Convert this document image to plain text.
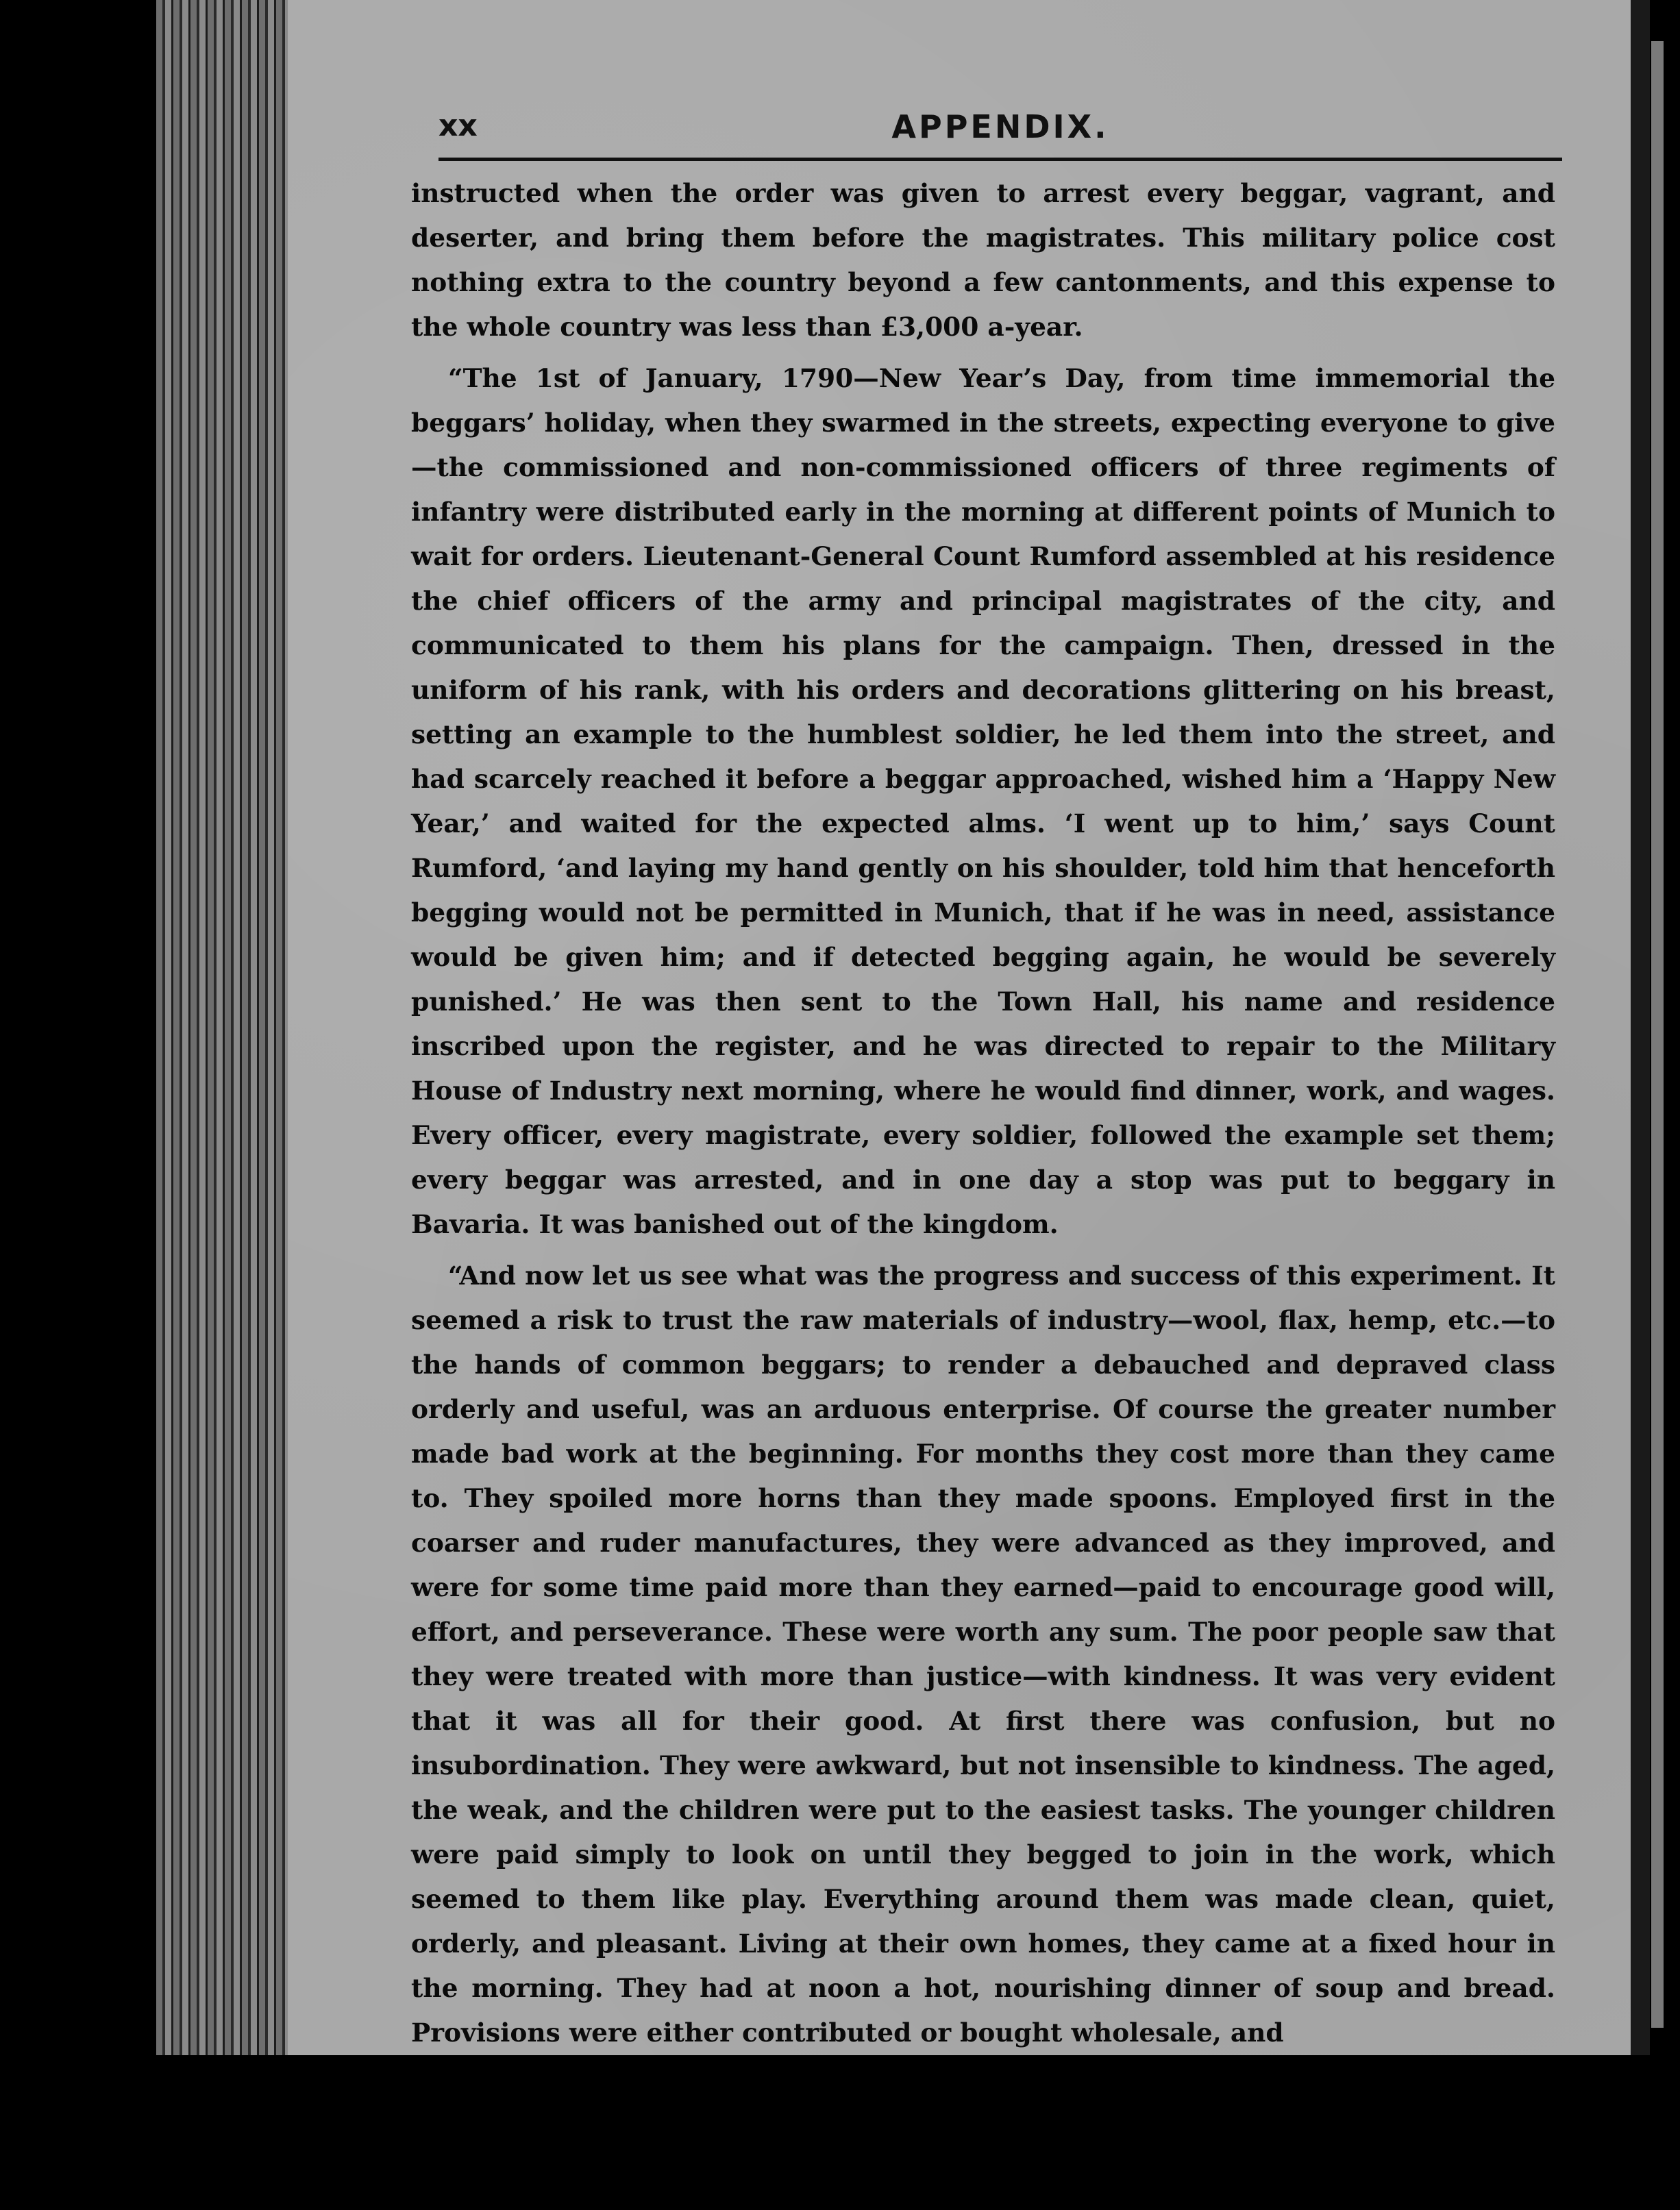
xx	APPENDIX.

instructed when the order was given to arrest every beggar, vagrant, and deserter, and bring them before the magistrates. This military police cost nothing extra to the country beyond a few cantonments, and this expense to the whole country was less than £3,000 a-year.

“The 1st of January, 1790—New Year’s Day, from time immemorial the beggars’ holiday, when they swarmed in the streets, expecting everyone to give—the commissioned and non-commissioned officers of three regiments of infantry were distributed early in the morning at different points of Munich to wait for orders. Lieutenant-General Count Rumford assembled at his residence the chief officers of the army and principal magistrates of the city, and communicated to them his plans for the campaign. Then, dressed in the uniform of his rank, with his orders and decorations glittering on his breast, setting an example to the humblest soldier, he led them into the street, and had scarcely reached it before a beggar approached, wished him a ‘Happy New Year,’ and waited for the expected alms. ‘I went up to him,’ says Count Rumford, ‘and laying my hand gently on his shoulder, told him that henceforth begging would not be permitted in Munich, that if he was in need, assistance would be given him; and if detected begging again, he would be severely punished.’ He was then sent to the Town Hall, his name and residence inscribed upon the register, and he was directed to repair to the Military House of Industry next morning, where he would find dinner, work, and wages. Every officer, every magistrate, every soldier, followed the example set them; every beggar was arrested, and in one day a stop was put to beggary in Bavaria. It was banished out of the kingdom.

“And now let us see what was the progress and success of this experiment. It seemed a risk to trust the raw materials of industry—wool, flax, hemp, etc.—to the hands of common beggars; to render a debauched and depraved class orderly and useful, was an arduous enterprise. Of course the greater number made bad work at the beginning. For months they cost more than they came to. They spoiled more horns than they made spoons. Employed first in the coarser and ruder manufactures, they were advanced as they improved, and were for some time paid more than they earned—paid to encourage good will, effort, and perseverance. These were worth any sum. The poor people saw that they were treated with more than justice—with kindness. It was very evident that it was all for their good. At first there was confusion, but no insubordination. They were awkward, but not insensible to kindness. The aged, the weak, and the children were put to the easiest tasks. The younger children were paid simply to look on until they begged to join in the work, which seemed to them like play. Everything around them was made clean, quiet, orderly, and pleasant. Living at their own homes, they came at a fixed hour in the morning. They had at noon a hot, nourishing dinner of soup and bread. Provisions were either contributed or bought wholesale, and
